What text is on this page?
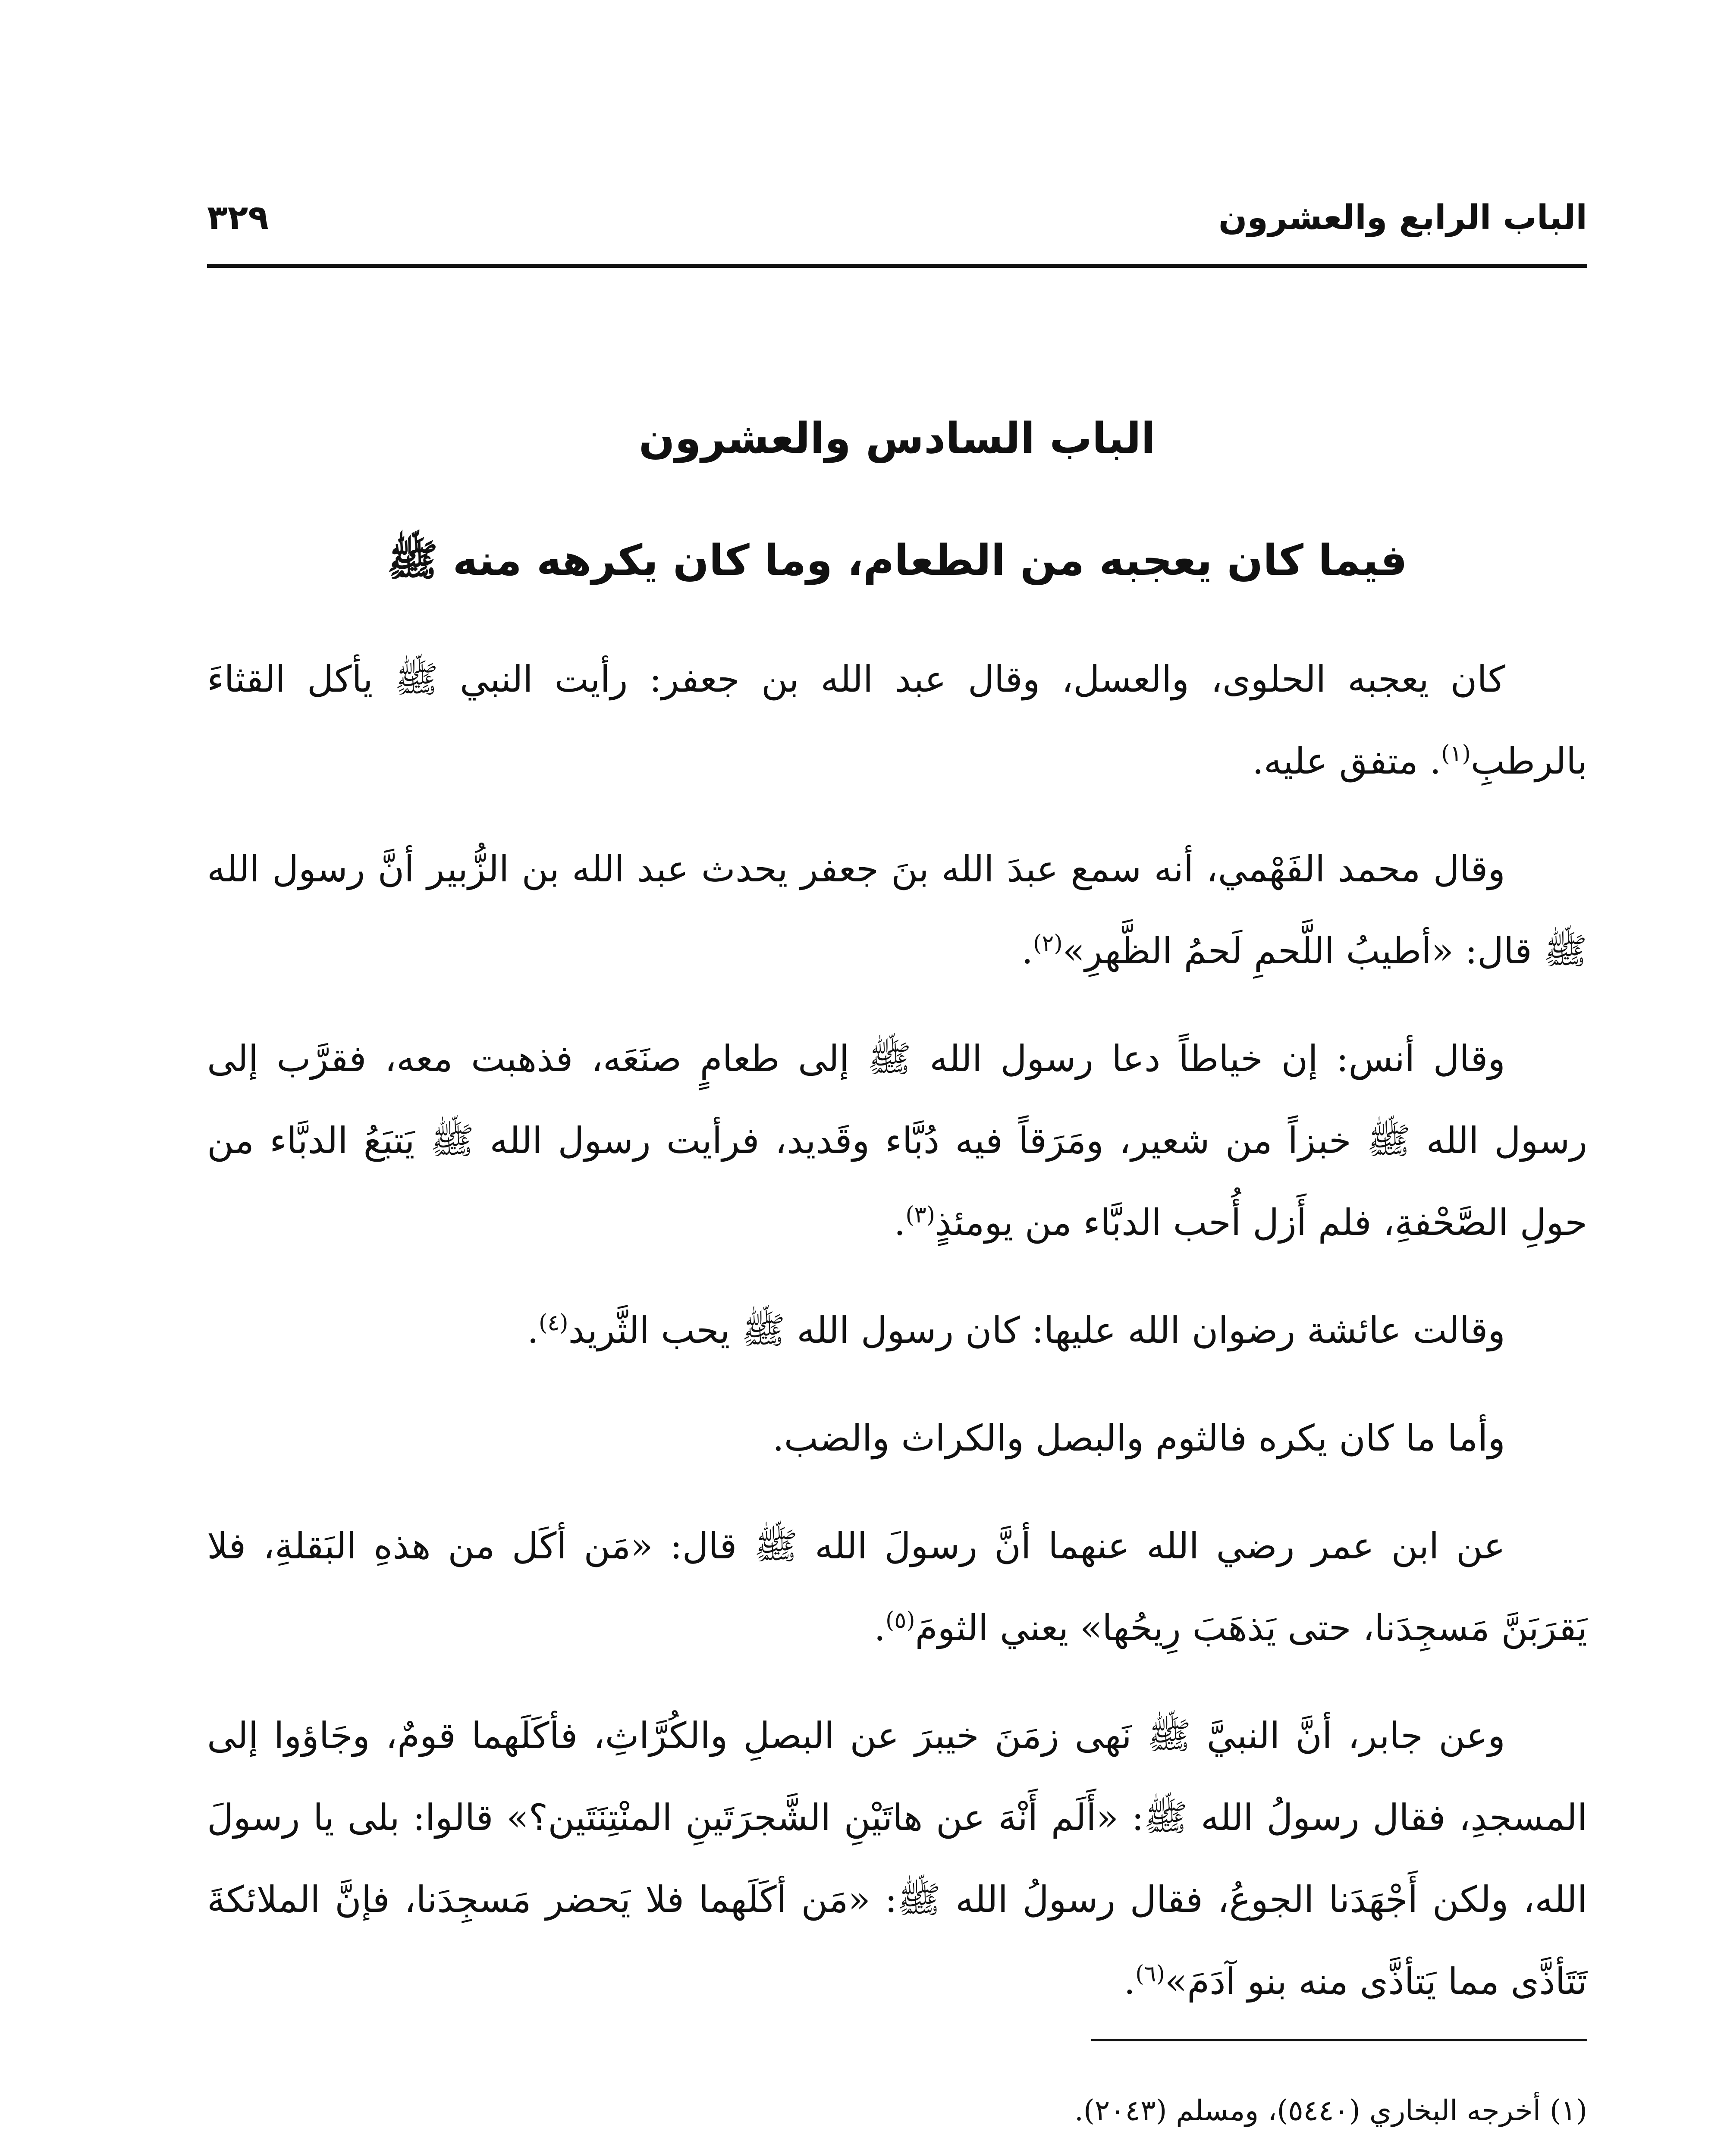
الباب الرابع والعشرون
٣٢٩
الباب السادس والعشرون
فيما كان يعجبه من الطعام، وما كان يكرهه منه ﷺ

كان يعجبه الحلوى، والعسل، وقال عبد الله بن جعفر: رأيت النبي ﷺ يأكل القثاءَ بالرطبِ$^{(١)}$. متفق عليه.

وقال محمد الفَهْمي، أنه سمع عبدَ الله بنَ جعفر يحدث عبد الله بن الزُّبير أنَّ رسول الله ﷺ قال: «أطيبُ اللَّحمِ لَحمُ الظَّهرِ»$^{(٢)}$.

وقال أنس: إن خياطاً دعا رسول الله ﷺ إلى طعامٍ صنَعَه، فذهبت معه، فقرَّب إلى رسول الله ﷺ خبزاً من شعير، ومَرَقاً فيه دُبَّاء وقَديد، فرأيت رسول الله ﷺ يَتبَعُ الدبَّاء من حولِ الصَّحْفةِ، فلم أَزل أُحب الدبَّاء من يومئذٍ$^{(٣)}$.

وقالت عائشة رضوان الله عليها: كان رسول الله ﷺ يحب الثَّريد$^{(٤)}$.

وأما ما كان يكره فالثوم والبصل والكراث والضب.

عن ابن عمر رضي الله عنهما أنَّ رسولَ الله ﷺ قال: «مَن أكَل من هذهِ البَقلةِ، فلا يَقرَبَنَّ مَسجِدَنا، حتى يَذهَبَ رِيحُها» يعني الثومَ$^{(٥)}$.

وعن جابر، أنَّ النبيَّ ﷺ نَهى زمَنَ خيبرَ عن البصلِ والكُرَّاثِ، فأكَلَهما قومٌ، وجَاؤوا إلى المسجدِ، فقال رسولُ الله ﷺ: «أَلَم أَنْهَ عن هاتَيْنِ الشَّجرَتَينِ المنْتِنَتَين؟» قالوا: بلى يا رسولَ الله، ولكن أَجْهَدَنا الجوعُ، فقال رسولُ الله ﷺ: «مَن أكَلَهما فلا يَحضر مَسجِدَنا، فإنَّ الملائكةَ تَتَأذَّى مما يَتأذَّى منه بنو آدَمَ»$^{(٦)}$.

(١) أخرجه البخاري (٥٤٤٠)، ومسلم (٢٠٤٣).
